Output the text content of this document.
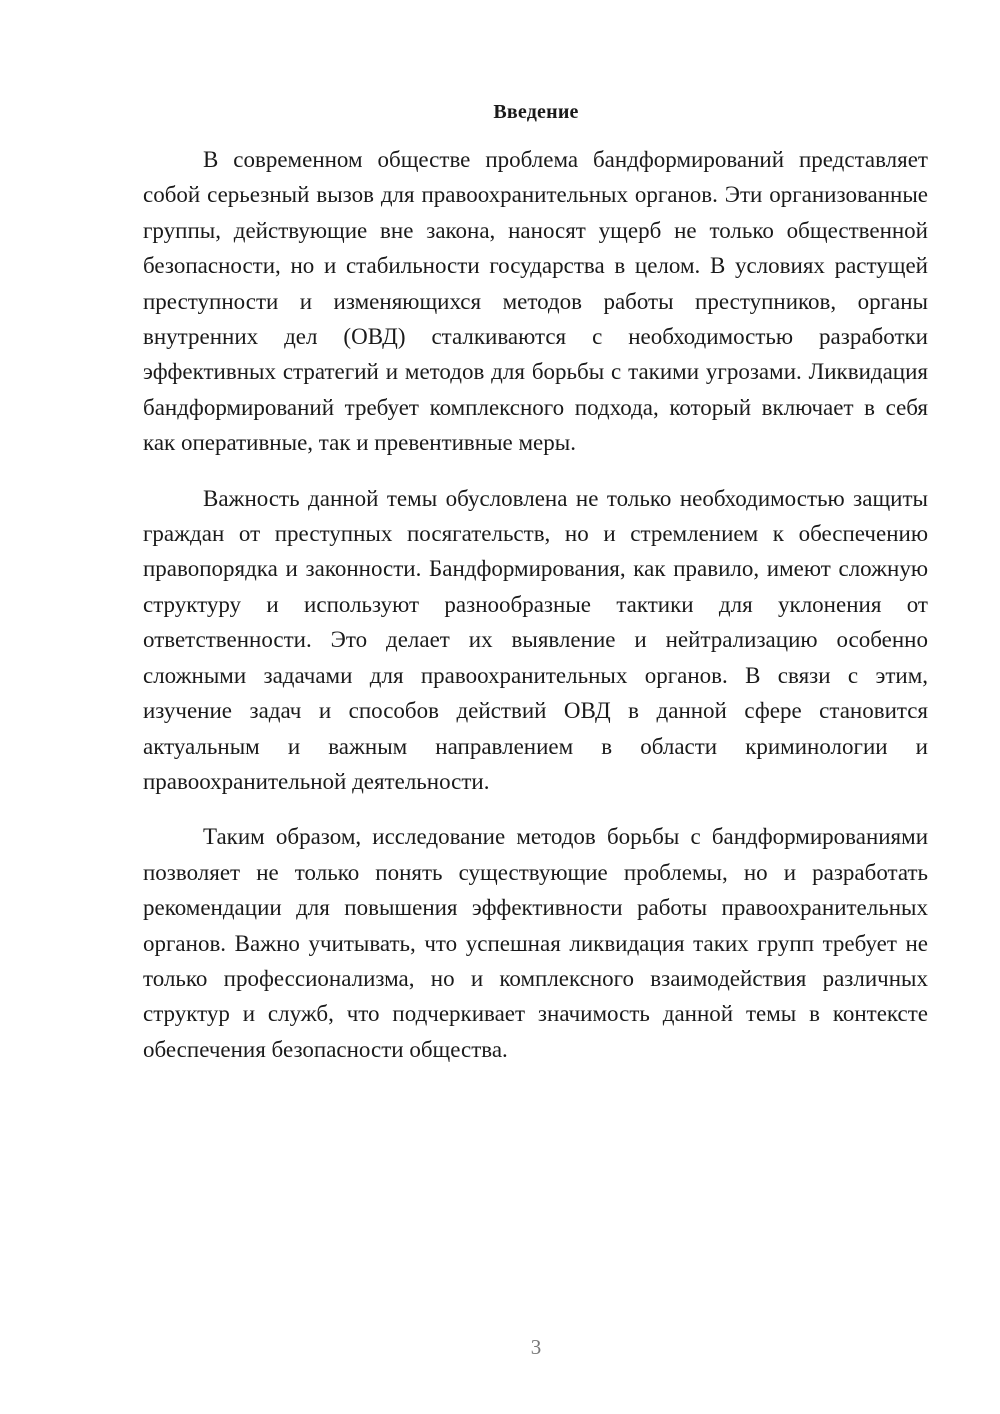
Введение

В современном обществе проблема бандформирований представляет собой серьезный вызов для правоохранительных органов. Эти организованные группы, действующие вне закона, наносят ущерб не только общественной безопасности, но и стабильности государства в целом. В условиях растущей преступности и изменяющихся методов работы преступников, органы внутренних дел (ОВД) сталкиваются с необходимостью разработки эффективных стратегий и методов для борьбы с такими угрозами. Ликвидация бандформирований требует комплексного подхода, который включает в себя как оперативные, так и превентивные меры.

Важность данной темы обусловлена не только необходимостью защиты граждан от преступных посягательств, но и стремлением к обеспечению правопорядка и законности. Бандформирования, как правило, имеют сложную структуру и используют разнообразные тактики для уклонения от ответственности. Это делает их выявление и нейтрализацию особенно сложными задачами для правоохранительных органов. В связи с этим, изучение задач и способов действий ОВД в данной сфере становится актуальным и важным направлением в области криминологии и правоохранительной деятельности.

Таким образом, исследование методов борьбы с бандформированиями позволяет не только понять существующие проблемы, но и разработать рекомендации для повышения эффективности работы правоохранительных органов. Важно учитывать, что успешная ликвидация таких групп требует не только профессионализма, но и комплексного взаимодействия различных структур и служб, что подчеркивает значимость данной темы в контексте обеспечения безопасности общества.

3
